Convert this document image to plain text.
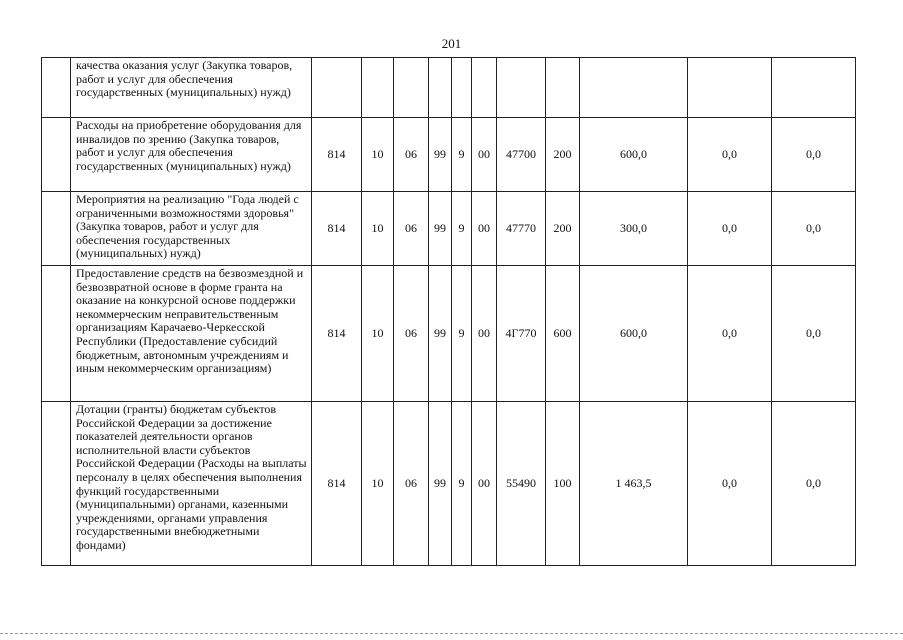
201
	качества оказания услуг (Закупка товаров, работ и услуг для обеспечения государственных (муниципальных) нужд)											
	Расходы на приобретение оборудования для инвалидов по зрению (Закупка товаров, работ и услуг для обеспечения государственных (муниципальных) нужд)	814	10	06	99	9	00	47700	200	600,0	0,0	0,0
	Мероприятия на реализацию "Года людей с ограниченными возможностями здоровья" (Закупка товаров, работ и услуг для обеспечения государственных (муниципальных) нужд)	814	10	06	99	9	00	47770	200	300,0	0,0	0,0
	Предоставление средств на безвозмездной и безвозвратной основе в форме гранта на оказание на конкурсной основе поддержки некоммерческим неправительственным организациям Карачаево-Черкесской Республики (Предоставление субсидий бюджетным, автономным учреждениям и иным некоммерческим организациям)	814	10	06	99	9	00	4Г770	600	600,0	0,0	0,0
	Дотации (гранты) бюджетам субъектов Российской Федерации за достижение показателей деятельности органов исполнительной власти субъектов Российской Федерации (Расходы на выплаты персоналу в целях обеспечения выполнения функций государственными (муниципальными) органами, казенными учреждениями, органами управления государственными внебюджетными фондами)	814	10	06	99	9	00	55490	100	1 463,5	0,0	0,0
